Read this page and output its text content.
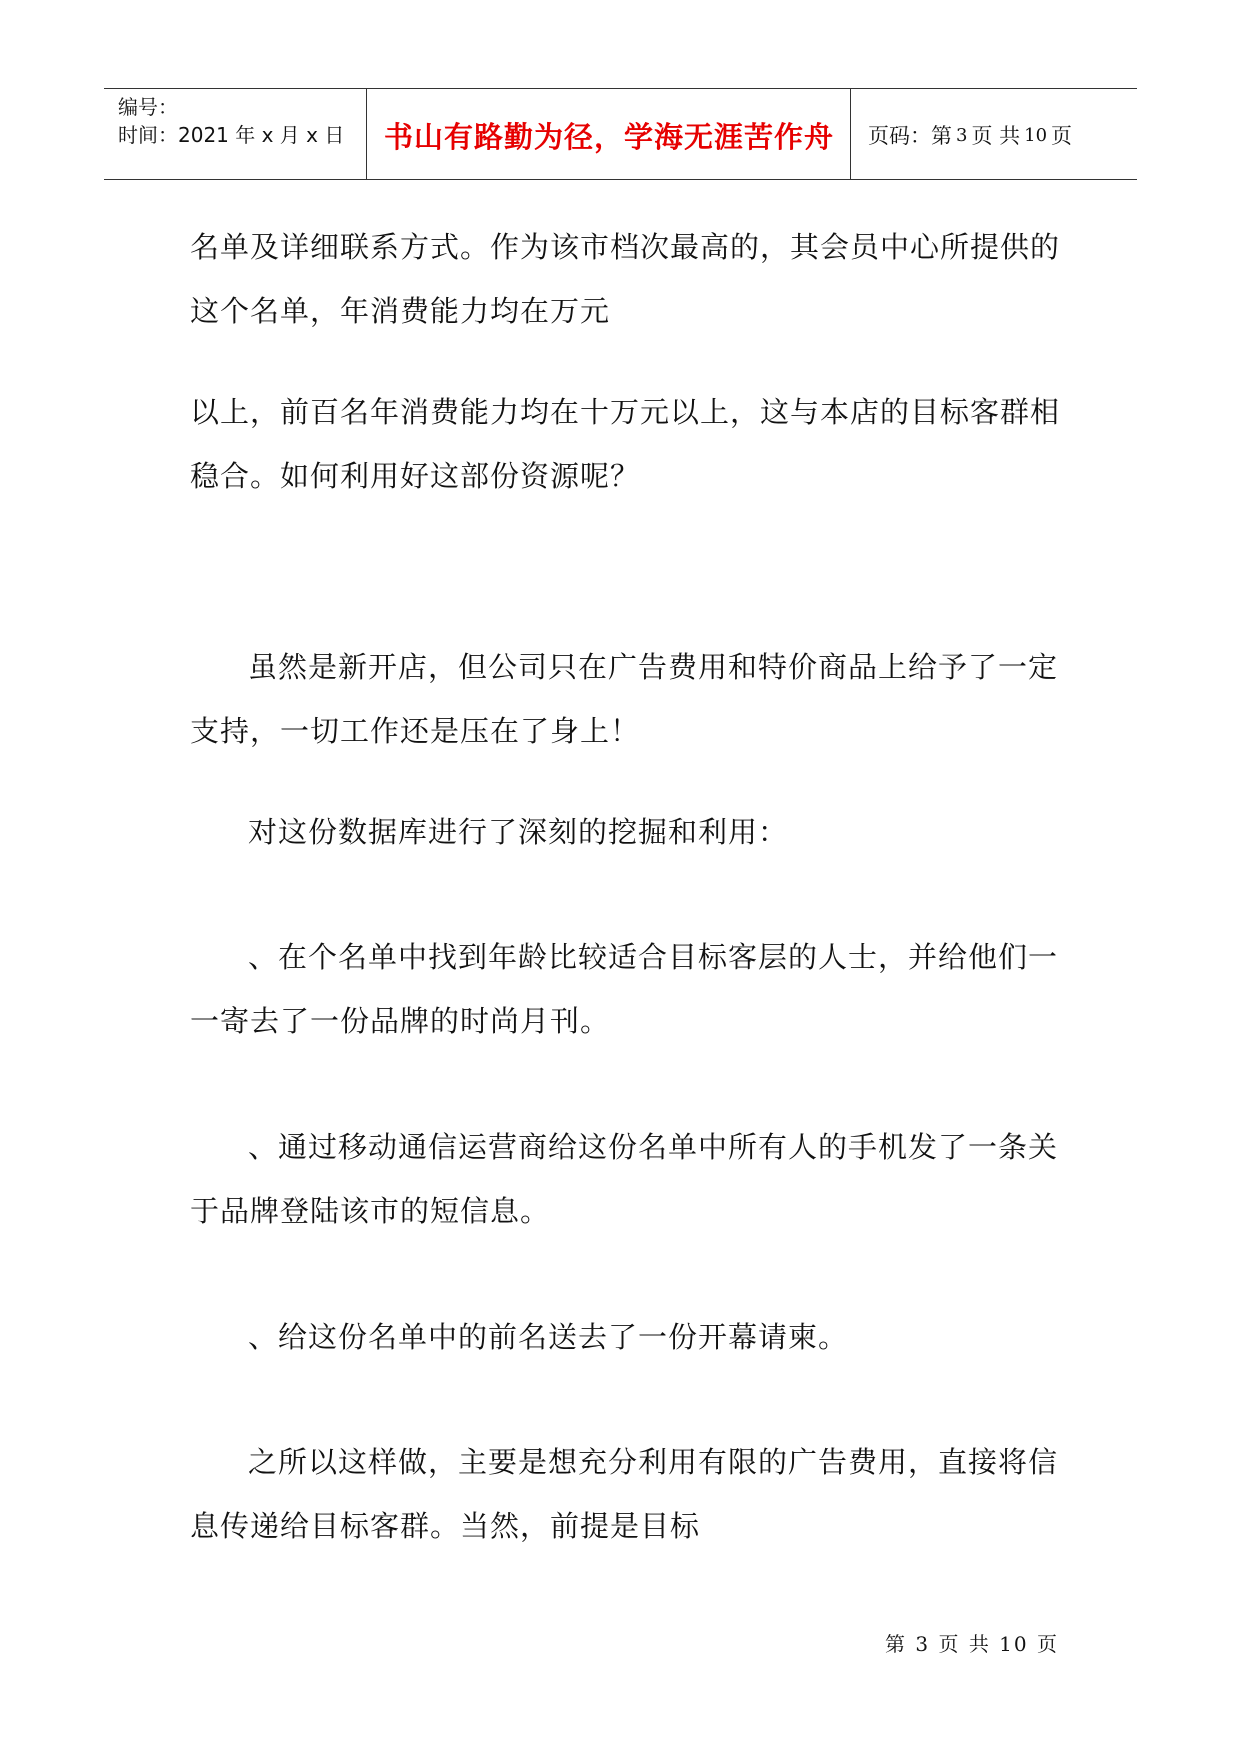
编号：
时间：2021 年 x 月 x 日	书山有路勤为径，学海无涯苦作舟	页码：第 3 页 共 10 页

名单及详细联系方式。作为该市档次最高的，其会员中心所提供的这个名单，年消费能力均在万元

以上，前百名年消费能力均在十万元以上，这与本店的目标客群相稳合。如何利用好这部份资源呢？

虽然是新开店，但公司只在广告费用和特价商品上给予了一定支持，一切工作还是压在了身上！

对这份数据库进行了深刻的挖掘和利用：

、在个名单中找到年龄比较适合目标客层的人士，并给他们一一寄去了一份品牌的时尚月刊。

、通过移动通信运营商给这份名单中所有人的手机发了一条关于品牌登陆该市的短信息。

、给这份名单中的前名送去了一份开幕请柬。

之所以这样做，主要是想充分利用有限的广告费用，直接将信息传递给目标客群。当然，前提是目标

第 3 页 共 10 页
